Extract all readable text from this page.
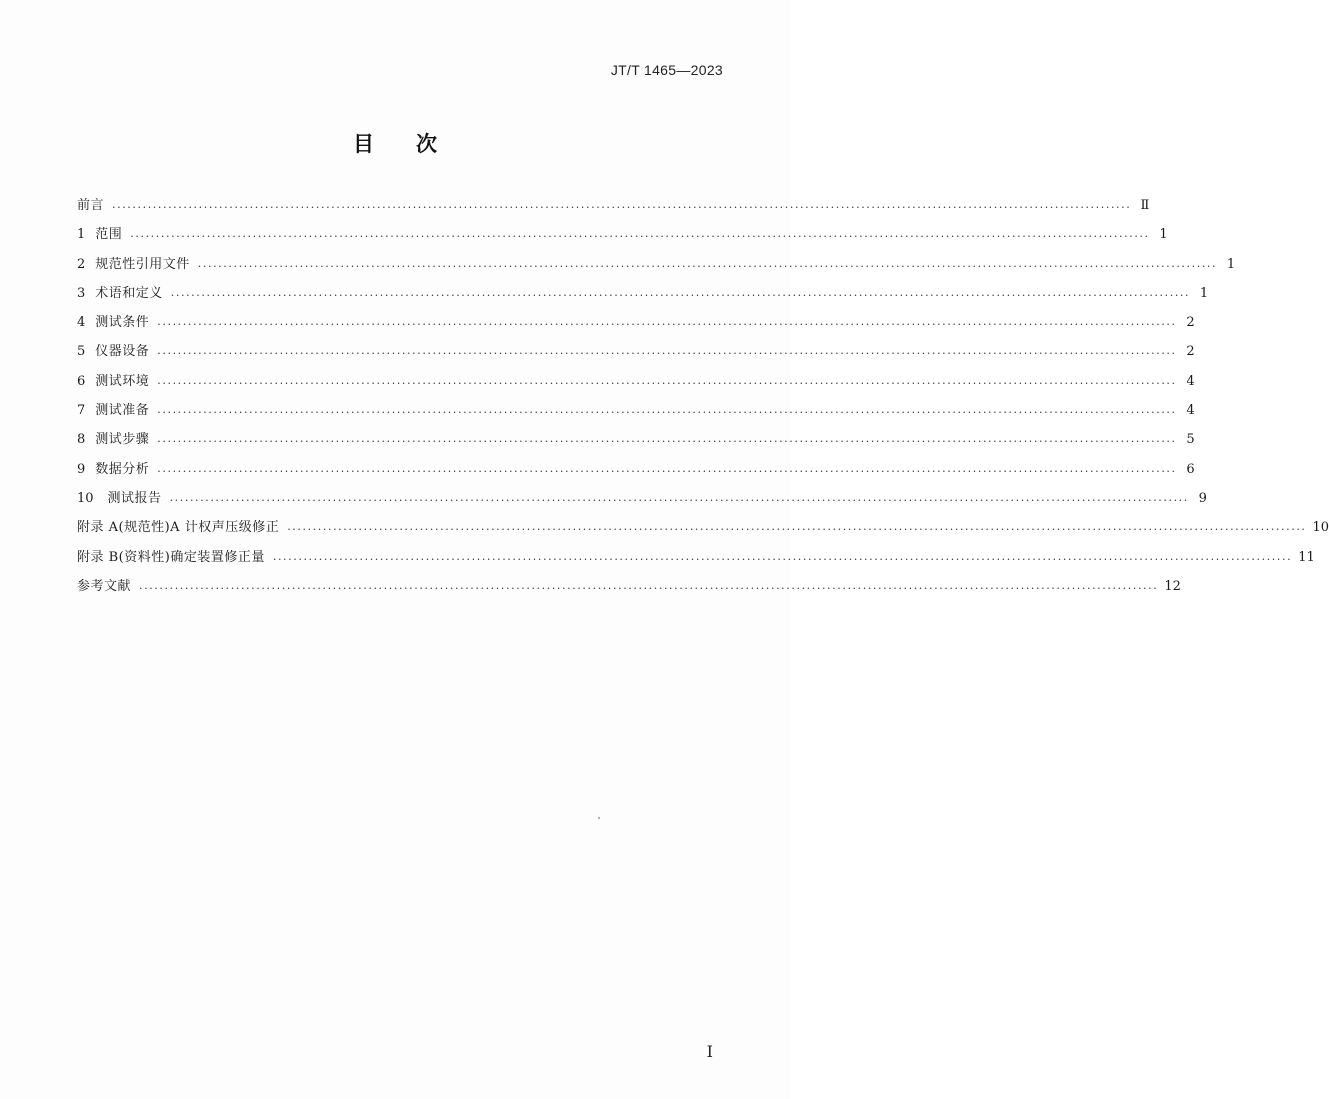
JT/T 1465—2023
目 次
前言 ........................................................................................................................................................................................................ Ⅱ
1 范围 ........................................................................................................................................................................................................ 1
2 规范性引用文件 ........................................................................................................................................................................................................ 1
3 术语和定义 ........................................................................................................................................................................................................ 1
4 测试条件 ........................................................................................................................................................................................................ 2
5 仪器设备 ........................................................................................................................................................................................................ 2
6 测试环境 ........................................................................................................................................................................................................ 4
7 测试准备 ........................................................................................................................................................................................................ 4
8 测试步骤 ........................................................................................................................................................................................................ 5
9 数据分析 ........................................................................................................................................................................................................ 6
10 测试报告 ........................................................................................................................................................................................................ 9
附录 A(规范性) A 计权声压级修正 ........................................................................................................................................................................................................ 10
附录 B(资料性) 确定装置修正量 ........................................................................................................................................................................................................ 11
参考文献 ........................................................................................................................................................................................................ 12
Ⅰ
